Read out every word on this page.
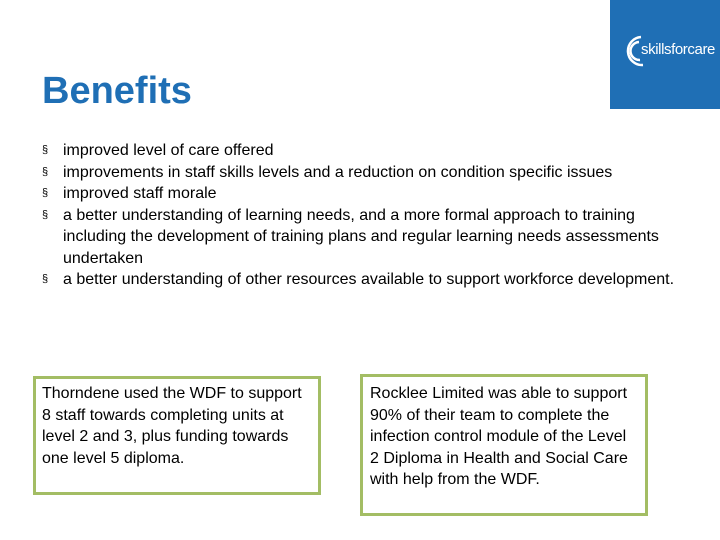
skillsforcare
Benefits
§ improved level of care offered
§ improvements in staff skills levels and a reduction on condition specific issues
§ improved staff morale
§ a better understanding of learning needs, and a more formal approach to training including the development of training plans and regular learning needs assessments undertaken
§ a better understanding of other resources available to support workforce development.
Thorndene used the WDF to support 8 staff towards completing units at level 2 and 3, plus funding towards one level 5 diploma.
Rocklee Limited was able to support 90% of their team to complete the infection control module of the Level 2 Diploma in Health and Social Care with help from the WDF.
